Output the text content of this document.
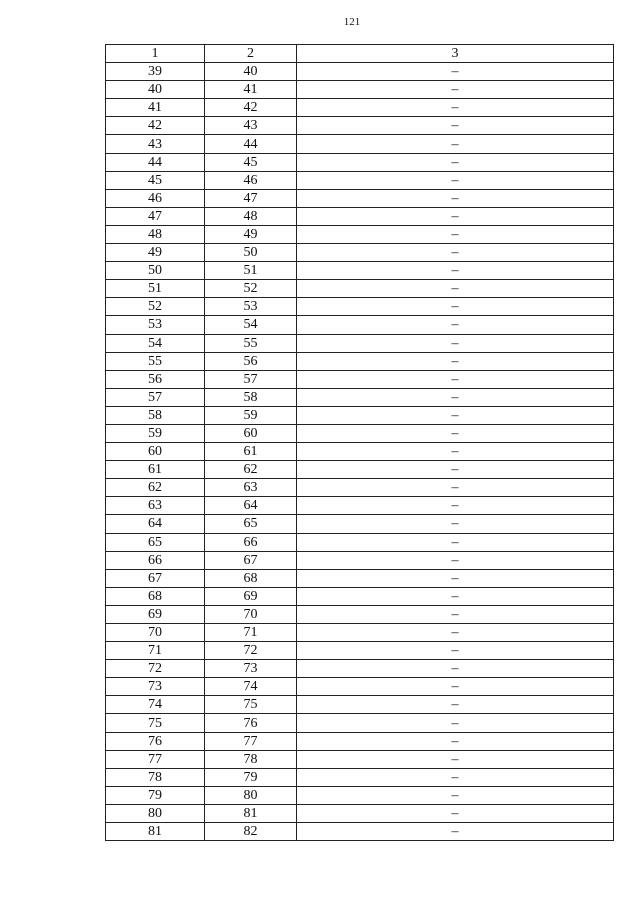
121
1	2	3
39	40	–
40	41	–
41	42	–
42	43	–
43	44	–
44	45	–
45	46	–
46	47	–
47	48	–
48	49	–
49	50	–
50	51	–
51	52	–
52	53	–
53	54	–
54	55	–
55	56	–
56	57	–
57	58	–
58	59	–
59	60	–
60	61	–
61	62	–
62	63	–
63	64	–
64	65	–
65	66	–
66	67	–
67	68	–
68	69	–
69	70	–
70	71	–
71	72	–
72	73	–
73	74	–
74	75	–
75	76	–
76	77	–
77	78	–
78	79	–
79	80	–
80	81	–
81	82	–
